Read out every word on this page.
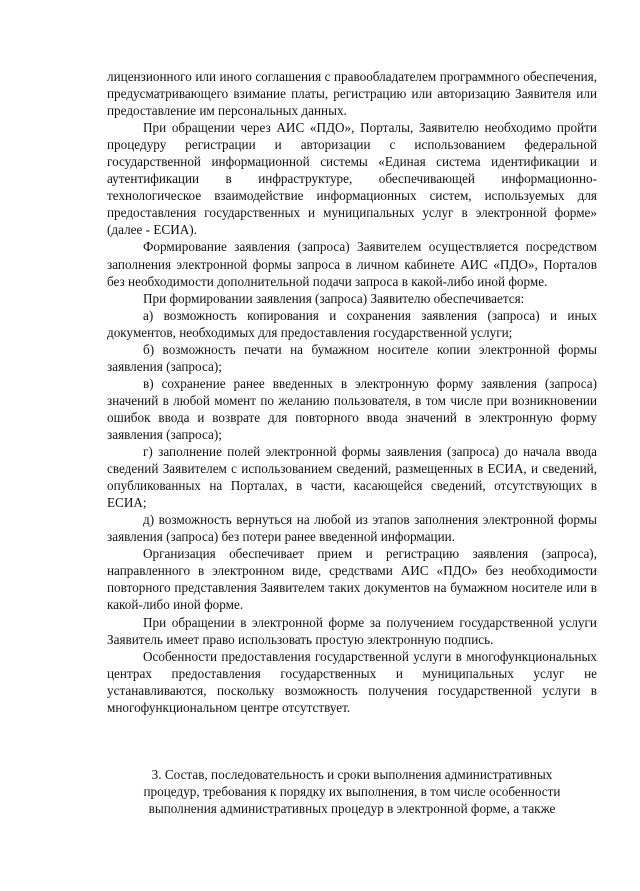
лицензионного или иного соглашения с правообладателем программного обеспечения, предусматривающего взимание платы, регистрацию или авторизацию Заявителя или предоставление им персональных данных.

При обращении через АИС «ПДО», Порталы, Заявителю необходимо пройти процедуру регистрации и авторизации с использованием федеральной государственной информационной системы «Единая система идентификации и аутентификации в инфраструктуре, обеспечивающей информационно-технологическое взаимодействие информационных систем, используемых для предоставления государственных и муниципальных услуг в электронной форме» (далее - ЕСИА).

Формирование заявления (запроса) Заявителем осуществляется посредством заполнения электронной формы запроса в личном кабинете АИС «ПДО», Порталов без необходимости дополнительной подачи запроса в какой-либо иной форме.

При формировании заявления (запроса) Заявителю обеспечивается:

а) возможность копирования и сохранения заявления (запроса) и иных документов, необходимых для предоставления государственной услуги;

б) возможность печати на бумажном носителе копии электронной формы заявления (запроса);

в) сохранение ранее введенных в электронную форму заявления (запроса) значений в любой момент по желанию пользователя, в том числе при возникновении ошибок ввода и возврате для повторного ввода значений в электронную форму заявления (запроса);

г) заполнение полей электронной формы заявления (запроса) до начала ввода сведений Заявителем с использованием сведений, размещенных в ЕСИА, и сведений, опубликованных на Порталах, в части, касающейся сведений, отсутствующих в ЕСИА;

д) возможность вернуться на любой из этапов заполнения электронной формы заявления (запроса) без потери ранее введенной информации.

Организация обеспечивает прием и регистрацию заявления (запроса), направленного в электронном виде, средствами АИС «ПДО» без необходимости повторного представления Заявителем таких документов на бумажном носителе или в какой-либо иной форме.

При обращении в электронной форме за получением государственной услуги Заявитель имеет право использовать простую электронную подпись.

Особенности предоставления государственной услуги в многофункциональных центрах предоставления государственных и муниципальных услуг не устанавливаются, поскольку возможность получения государственной услуги в многофункциональном центре отсутствует.

3. Состав, последовательность и сроки выполнения административных
процедур, требования к порядку их выполнения, в том числе особенности
выполнения административных процедур в электронной форме, а также
